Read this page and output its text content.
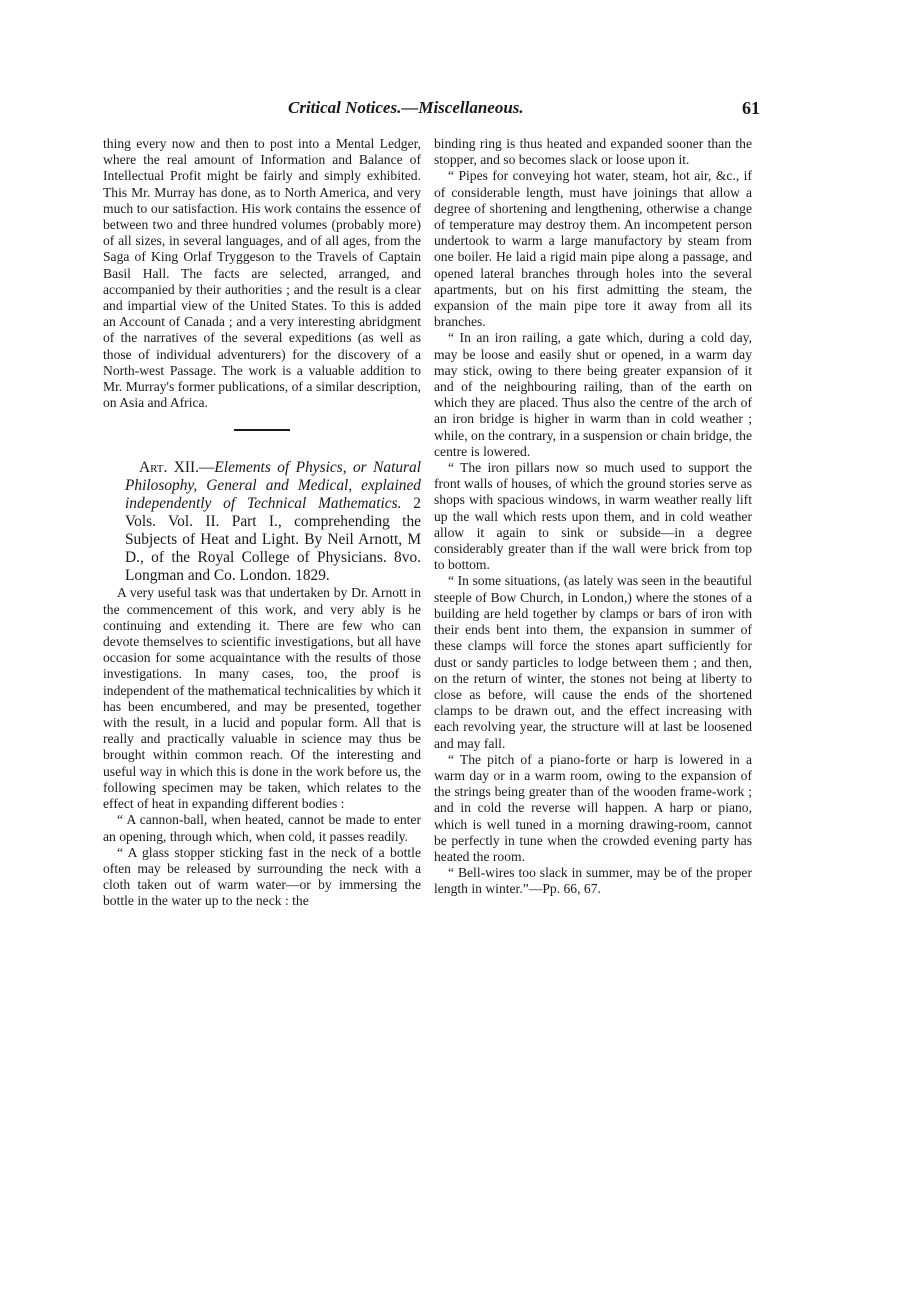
Critical Notices.—Miscellaneous.	61

thing every now and then to post into a Mental Ledger, where the real amount of Information and Balance of Intellectual Profit might be fairly and simply exhibited. This Mr. Murray has done, as to North America, and very much to our satisfaction. His work contains the essence of between two and three hundred volumes (probably more) of all sizes, in several languages, and of all ages, from the Saga of King Orlaf Tryggeson to the Travels of Captain Basil Hall. The facts are selected, arranged, and accompanied by their authorities ; and the result is a clear and impartial view of the United States. To this is added an Account of Canada ; and a very interesting abridgment of the narratives of the several expeditions (as well as those of individual adventurers) for the discovery of a North-west Passage. The work is a valuable addition to Mr. Murray's former publications, of a similar description, on Asia and Africa.

Art. XII.—Elements of Physics, or Natural Philosophy, General and Medical, explained independently of Technical Mathematics. 2 Vols. Vol. II. Part I., comprehending the Subjects of Heat and Light. By Neil Arnott, M D., of the Royal College of Physicians. 8vo. Longman and Co. London. 1829.

A very useful task was that undertaken by Dr. Arnott in the commencement of this work, and very ably is he continuing and extending it. There are few who can devote themselves to scientific investigations, but all have occasion for some acquaintance with the results of those investigations. In many cases, too, the proof is independent of the mathematical technicalities by which it has been encumbered, and may be presented, together with the result, in a lucid and popular form. All that is really and practically valuable in science may thus be brought within common reach. Of the interesting and useful way in which this is done in the work before us, the following specimen may be taken, which relates to the effect of heat in expanding different bodies :

“ A cannon-ball, when heated, cannot be made to enter an opening, through which, when cold, it passes readily.

“ A glass stopper sticking fast in the neck of a bottle often may be released by surrounding the neck with a cloth taken out of warm water—or by immersing the bottle in the water up to the neck : the

binding ring is thus heated and expanded sooner than the stopper, and so becomes slack or loose upon it.

“ Pipes for conveying hot water, steam, hot air, &c., if of considerable length, must have joinings that allow a degree of shortening and lengthening, otherwise a change of temperature may destroy them. An incompetent person undertook to warm a large manufactory by steam from one boiler. He laid a rigid main pipe along a passage, and opened lateral branches through holes into the several apartments, but on his first admitting the steam, the expansion of the main pipe tore it away from all its branches.

“ In an iron railing, a gate which, during a cold day, may be loose and easily shut or opened, in a warm day may stick, owing to there being greater expansion of it and of the neighbouring railing, than of the earth on which they are placed. Thus also the centre of the arch of an iron bridge is higher in warm than in cold weather ; while, on the contrary, in a suspension or chain bridge, the centre is lowered.

“ The iron pillars now so much used to support the front walls of houses, of which the ground stories serve as shops with spacious windows, in warm weather really lift up the wall which rests upon them, and in cold weather allow it again to sink or subside—in a degree considerably greater than if the wall were brick from top to bottom.

“ In some situations, (as lately was seen in the beautiful steeple of Bow Church, in London,) where the stones of a building are held together by clamps or bars of iron with their ends bent into them, the expansion in summer of these clamps will force the stones apart sufficiently for dust or sandy particles to lodge between them ; and then, on the return of winter, the stones not being at liberty to close as before, will cause the ends of the shortened clamps to be drawn out, and the effect increasing with each revolving year, the structure will at last be loosened and may fall.

“ The pitch of a piano-forte or harp is lowered in a warm day or in a warm room, owing to the expansion of the strings being greater than of the wooden frame-work ; and in cold the reverse will happen. A harp or piano, which is well tuned in a morning drawing-room, cannot be perfectly in tune when the crowded evening party has heated the room.

“ Bell-wires too slack in summer, may be of the proper length in winter.”—Pp. 66, 67.
